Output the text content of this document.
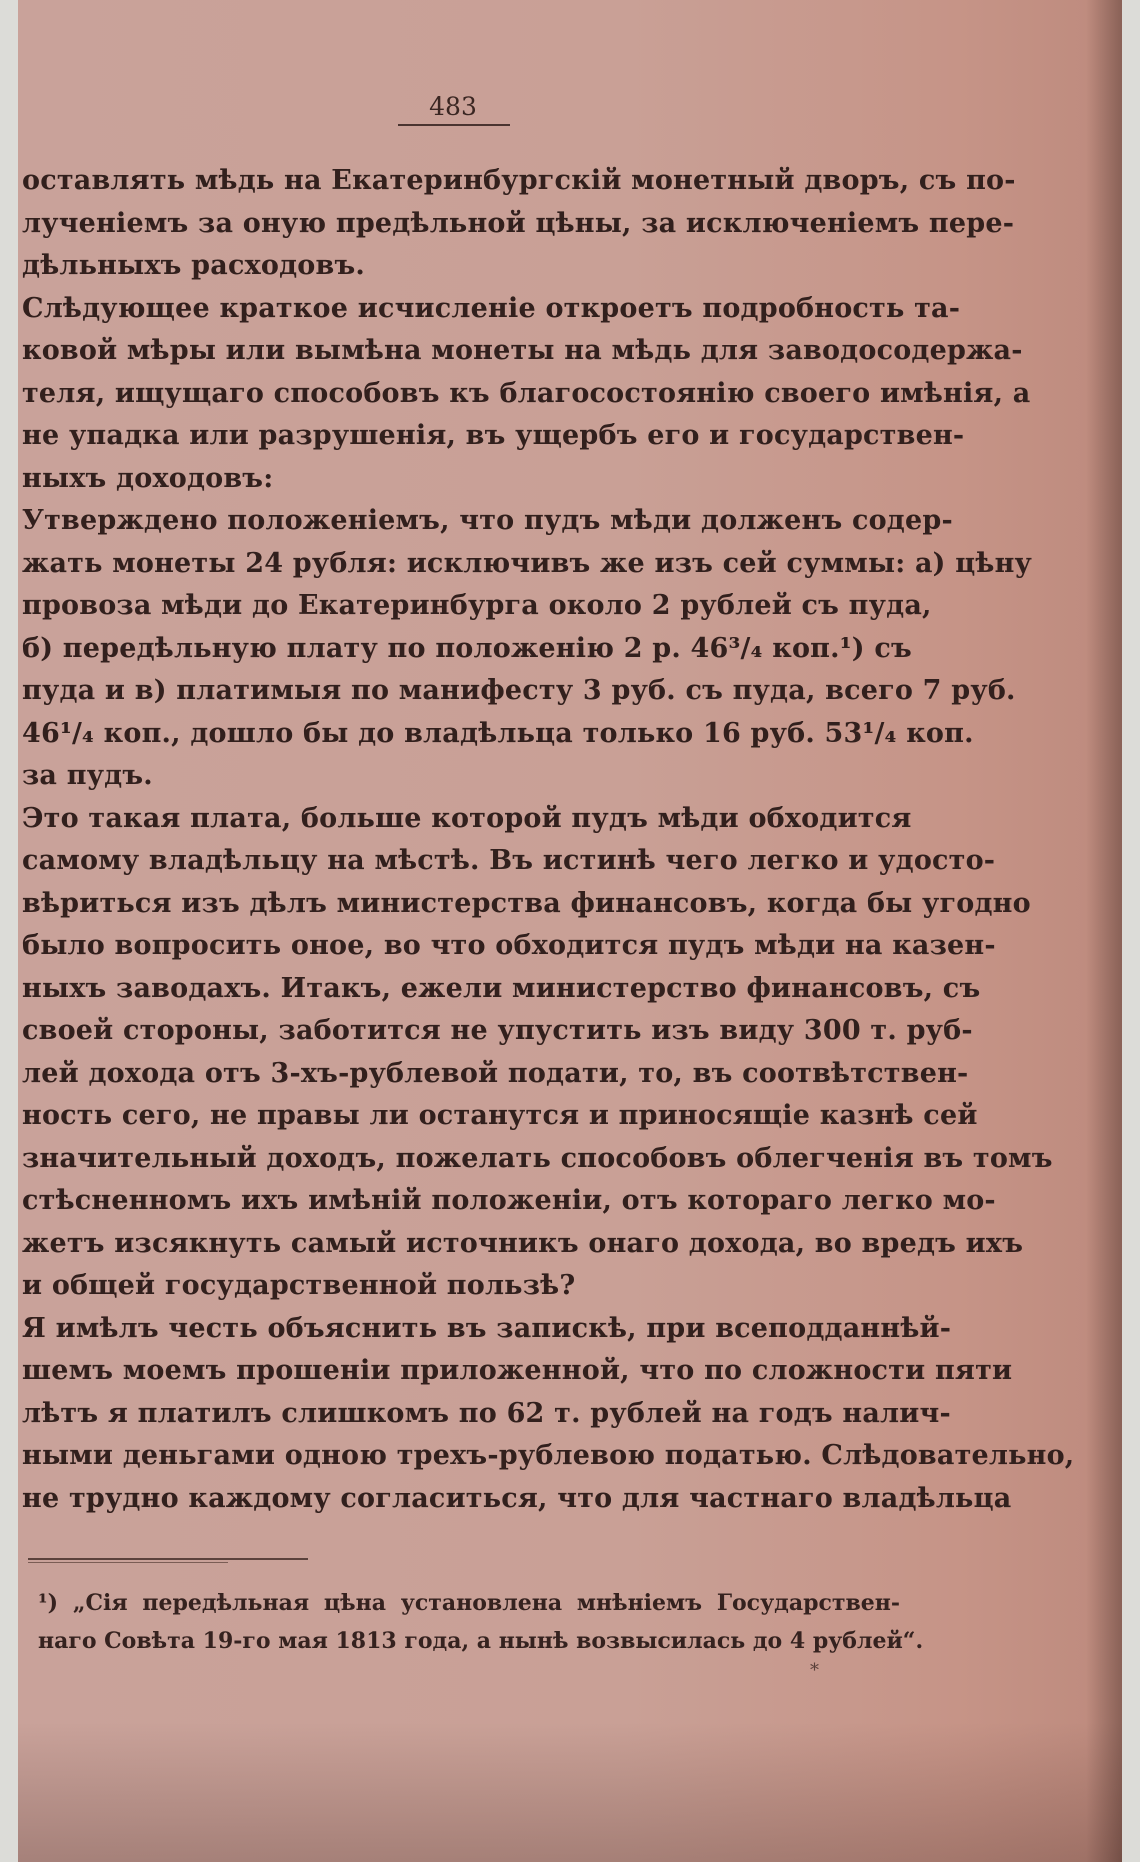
483
оставлять мѣдь на Екатеринбургскій монетный дворъ, съ по-
лученіемъ за оную предѣльной цѣны, за исключеніемъ пере-
дѣльныхъ расходовъ.
Слѣдующее краткое исчисленіе откроетъ подробность та-
ковой мѣры или вымѣна монеты на мѣдь для заводосодержа-
теля, ищущаго способовъ къ благосостоянію своего имѣнія, а
не упадка или разрушенія, въ ущербъ его и государствен-
ныхъ доходовъ:
Утверждено положеніемъ, что пудъ мѣди долженъ содер-
жать монеты 24 рубля: исключивъ же изъ сей суммы: а) цѣну
провоза мѣди до Екатеринбурга около 2 рублей съ пуда,
б) передѣльную плату по положенію 2 р. 46³/₄ коп.¹) съ
пуда и в) платимыя по манифесту 3 руб. съ пуда, всего 7 руб.
46¹/₄ коп., дошло бы до владѣльца только 16 руб. 53¹/₄ коп.
за пудъ.
Это такая плата, больше которой пудъ мѣди обходится
самому владѣльцу на мѣстѣ. Въ истинѣ чего легко и удосто-
вѣриться изъ дѣлъ министерства финансовъ, когда бы угодно
было вопросить оное, во что обходится пудъ мѣди на казен-
ныхъ заводахъ. Итакъ, ежели министерство финансовъ, съ
своей стороны, заботится не упустить изъ виду 300 т. руб-
лей дохода отъ 3-хъ-рублевой подати, то, въ соотвѣтствен-
ность сего, не правы ли останутся и приносящіе казнѣ сей
значительный доходъ, пожелать способовъ облегченія въ томъ
стѣсненномъ ихъ имѣній положеніи, отъ котораго легко мо-
жетъ изсякнуть самый источникъ онаго дохода, во вредъ ихъ
и общей государственной пользѣ?
Я имѣлъ честь объяснить въ запискѣ, при всеподданнѣй-
шемъ моемъ прошеніи приложенной, что по сложности пяти
лѣтъ я платилъ слишкомъ по 62 т. рублей на годъ налич-
ными деньгами одною трехъ-рублевою податью. Слѣдовательно,
не трудно каждому согласиться, что для частнаго владѣльца
¹) „Сія передѣльная цѣна установлена мнѣніемъ Государствен-
наго Совѣта 19-го мая 1813 года, а нынѣ возвысилась до 4 рублей“.
*
